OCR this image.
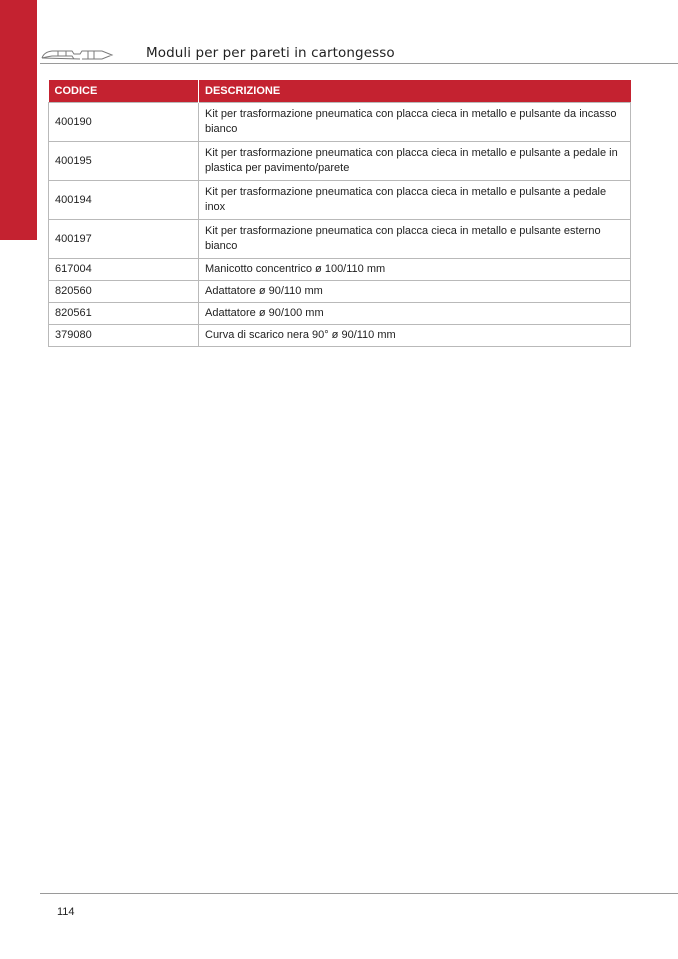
Moduli per per pareti in cartongesso
CODICE	DESCRIZIONE
400190	Kit per trasformazione pneumatica con placca cieca in metallo e pulsante da incasso bianco
400195	Kit per trasformazione pneumatica con placca cieca in metallo e pulsante a pedale in plastica per pavimento/parete
400194	Kit per trasformazione pneumatica con placca cieca in metallo e pulsante a pedale inox
400197	Kit per trasformazione pneumatica con placca cieca in metallo e pulsante esterno bianco
617004	Manicotto concentrico ø 100/110 mm
820560	Adattatore ø 90/110 mm
820561	Adattatore ø 90/100 mm
379080	Curva di scarico nera 90° ø 90/110 mm
114
